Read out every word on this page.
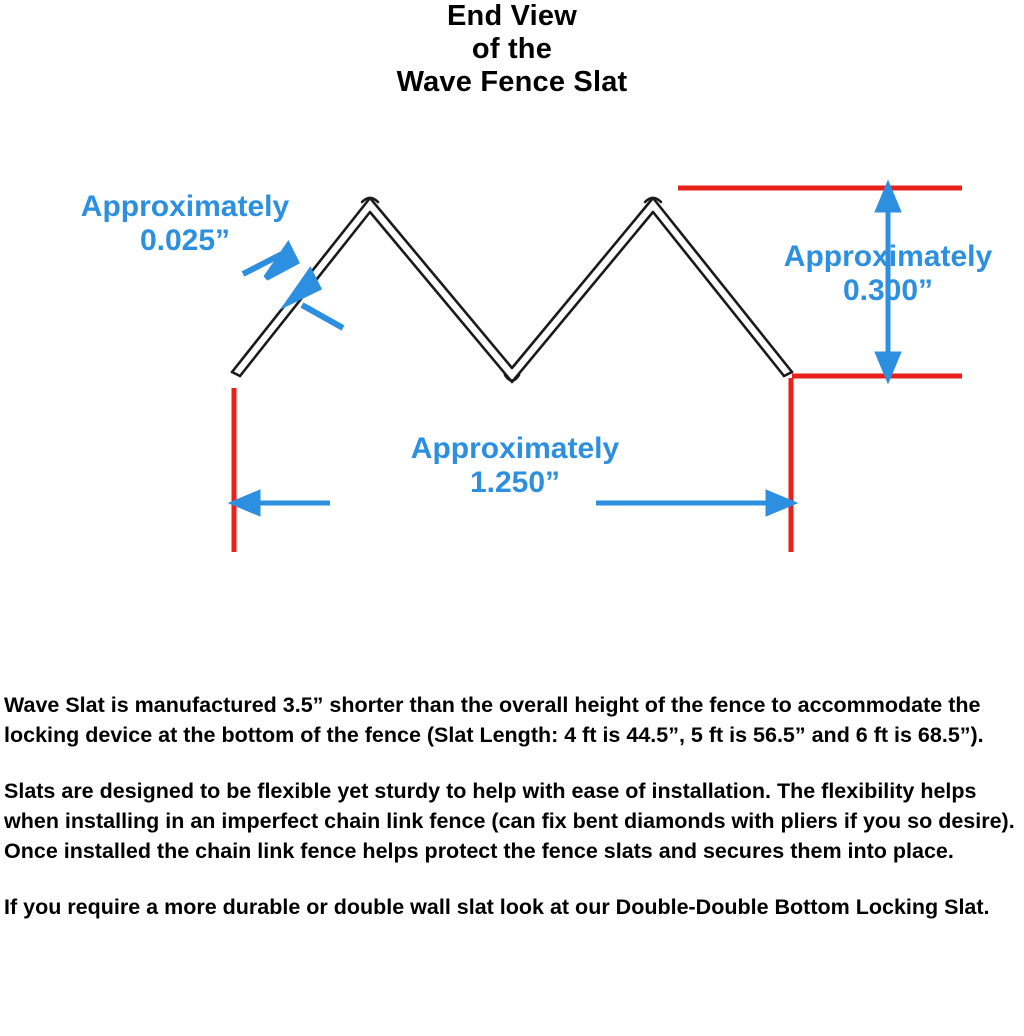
End View
of the
Wave Fence Slat
Approximately
0.025”	Approximately
0.300”
Approximately
1.250”

Wave Slat is manufactured 3.5” shorter than the overall height of the fence to accommodate the locking device at the bottom of the fence (Slat Length: 4 ft is 44.5”, 5 ft is 56.5” and 6 ft is 68.5”).

Slats are designed to be flexible yet sturdy to help with ease of installation. The flexibility helps when installing in an imperfect chain link fence (can fix bent diamonds with pliers if you so desire). Once installed the chain link fence helps protect the fence slats and secures them into place.

If you require a more durable or double wall slat look at our Double-Double Bottom Locking Slat.
